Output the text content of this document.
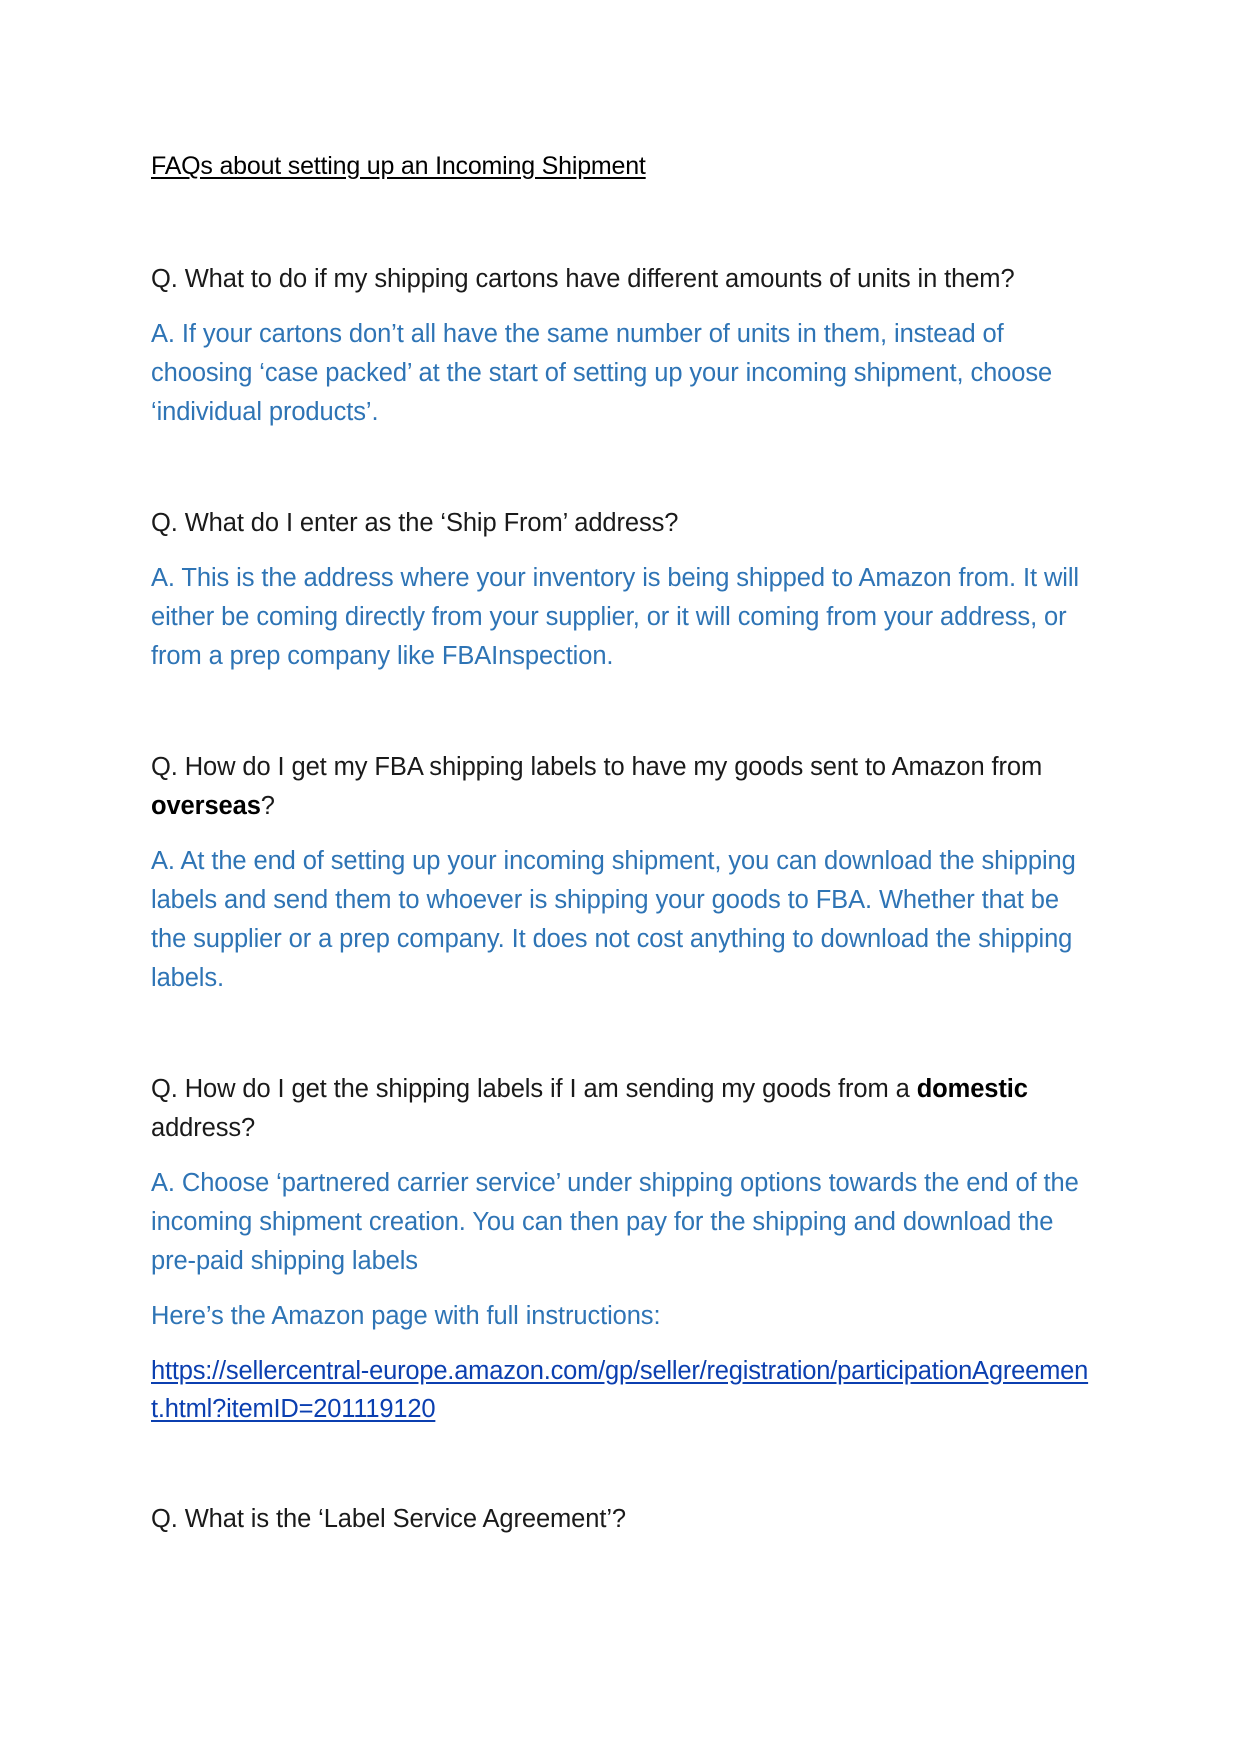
FAQs about setting up an Incoming Shipment

Q. What to do if my shipping cartons have different amounts of units in them?

A. If your cartons don’t all have the same number of units in them, instead of choosing ‘case packed’ at the start of setting up your incoming shipment, choose ‘individual products’.

Q. What do I enter as the ‘Ship From’ address?

A. This is the address where your inventory is being shipped to Amazon from. It will either be coming directly from your supplier, or it will coming from your address, or from a prep company like FBAInspection.

Q. How do I get my FBA shipping labels to have my goods sent to Amazon from overseas?

A. At the end of setting up your incoming shipment, you can download the shipping labels and send them to whoever is shipping your goods to FBA. Whether that be the supplier or a prep company. It does not cost anything to download the shipping labels.

Q. How do I get the shipping labels if I am sending my goods from a domestic address?

A. Choose ‘partnered carrier service’ under shipping options towards the end of the incoming shipment creation. You can then pay for the shipping and download the pre-paid shipping labels

Here’s the Amazon page with full instructions:

https://sellercentral-europe.amazon.com/gp/seller/registration/participationAgreement.html?itemID=201119120

Q. What is the ‘Label Service Agreement’?
